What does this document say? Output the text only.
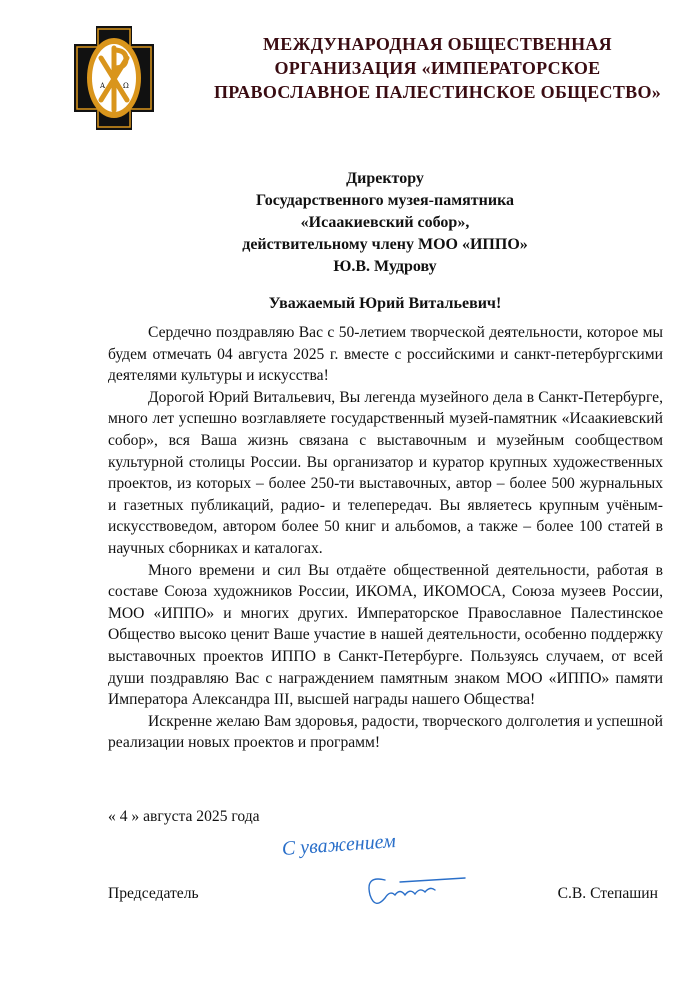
Α	Ω
МЕЖДУНАРОДНАЯ ОБЩЕСТВЕННАЯ
ОРГАНИЗАЦИЯ «ИМПЕРАТОРСКОЕ
ПРАВОСЛАВНОЕ ПАЛЕСТИНСКОЕ ОБЩЕСТВО»
Директору
Государственного музея-памятника
«Исаакиевский собор»,
действительному члену МОО «ИППО»
Ю.В. Мудрову
Уважаемый Юрий Витальевич!

Сердечно поздравляю Вас с 50-летием творческой деятельности, которое мы будем отмечать 04 августа 2025 г. вместе с российскими и санкт-петербургскими деятелями культуры и искусства!

Дорогой Юрий Витальевич, Вы легенда музейного дела в Санкт-Петербурге, много лет успешно возглавляете государственный музей-памятник «Исаакиевский собор», вся Ваша жизнь связана с выставочным и музейным сообществом культурной столицы России. Вы организатор и куратор крупных художественных проектов, из которых – более 250-ти выставочных, автор – более 500 журнальных и газетных публикаций, радио- и телепередач. Вы являетесь крупным учёным-искусствоведом, автором более 50 книг и альбомов, а также – более 100 статей в научных сборниках и каталогах.

Много времени и сил Вы отдаёте общественной деятельности, работая в составе Союза художников России, ИКОМА, ИКОМОСА, Союза музеев России, МОО «ИППО» и многих других. Императорское Православное Палестинское Общество высоко ценит Ваше участие в нашей деятельности, особенно поддержку выставочных проектов ИППО в Санкт-Петербурге. Пользуясь случаем, от всей души поздравляю Вас с награждением памятным знаком МОО «ИППО» памяти Императора Александра III, высшей награды нашего Общества!

Искренне желаю Вам здоровья, радости, творческого долголетия и успешной реализации новых проектов и программ!

« 4 » августа 2025 года
С уважением
Председатель	С.В. Степашин
